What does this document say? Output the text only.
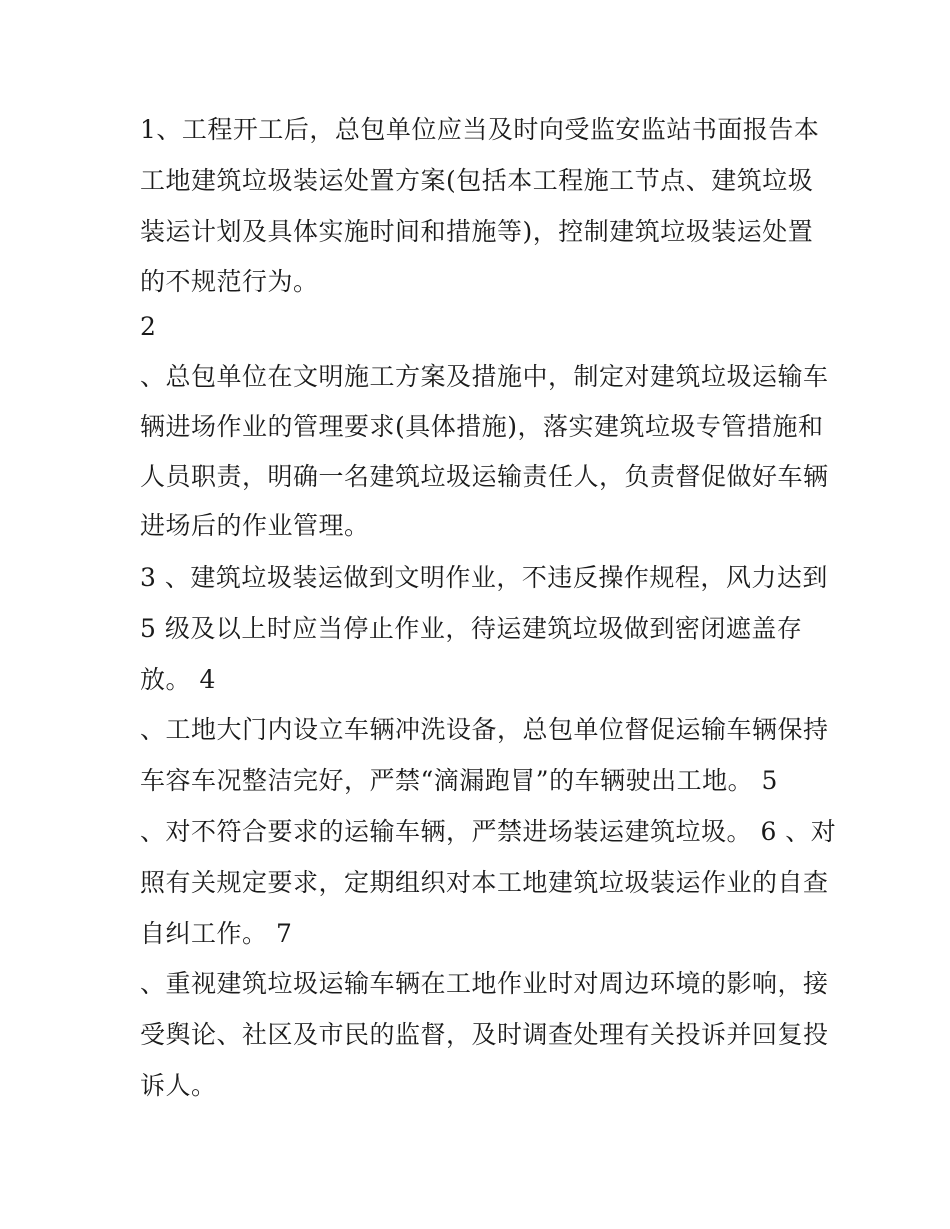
1、工程开工后，总包单位应当及时向受监安监站书面报告本
工地建筑垃圾装运处置方案(包括本工程施工节点、建筑垃圾
装运计划及具体实施时间和措施等)，控制建筑垃圾装运处置
的不规范行为。
2
、总包单位在文明施工方案及措施中，制定对建筑垃圾运输车
辆进场作业的管理要求(具体措施)，落实建筑垃圾专管措施和
人员职责，明确一名建筑垃圾运输责任人，负责督促做好车辆
进场后的作业管理。
3 、建筑垃圾装运做到文明作业，不违反操作规程，风力达到
5 级及以上时应当停止作业，待运建筑垃圾做到密闭遮盖存
放。 4
、工地大门内设立车辆冲洗设备，总包单位督促运输车辆保持
车容车况整洁完好，严禁“滴漏跑冒”的车辆驶出工地。 5
、对不符合要求的运输车辆，严禁进场装运建筑垃圾。 6 、对
照有关规定要求，定期组织对本工地建筑垃圾装运作业的自查
自纠工作。 7
、重视建筑垃圾运输车辆在工地作业时对周边环境的影响，接
受舆论、社区及市民的监督，及时调查处理有关投诉并回复投
诉人。
